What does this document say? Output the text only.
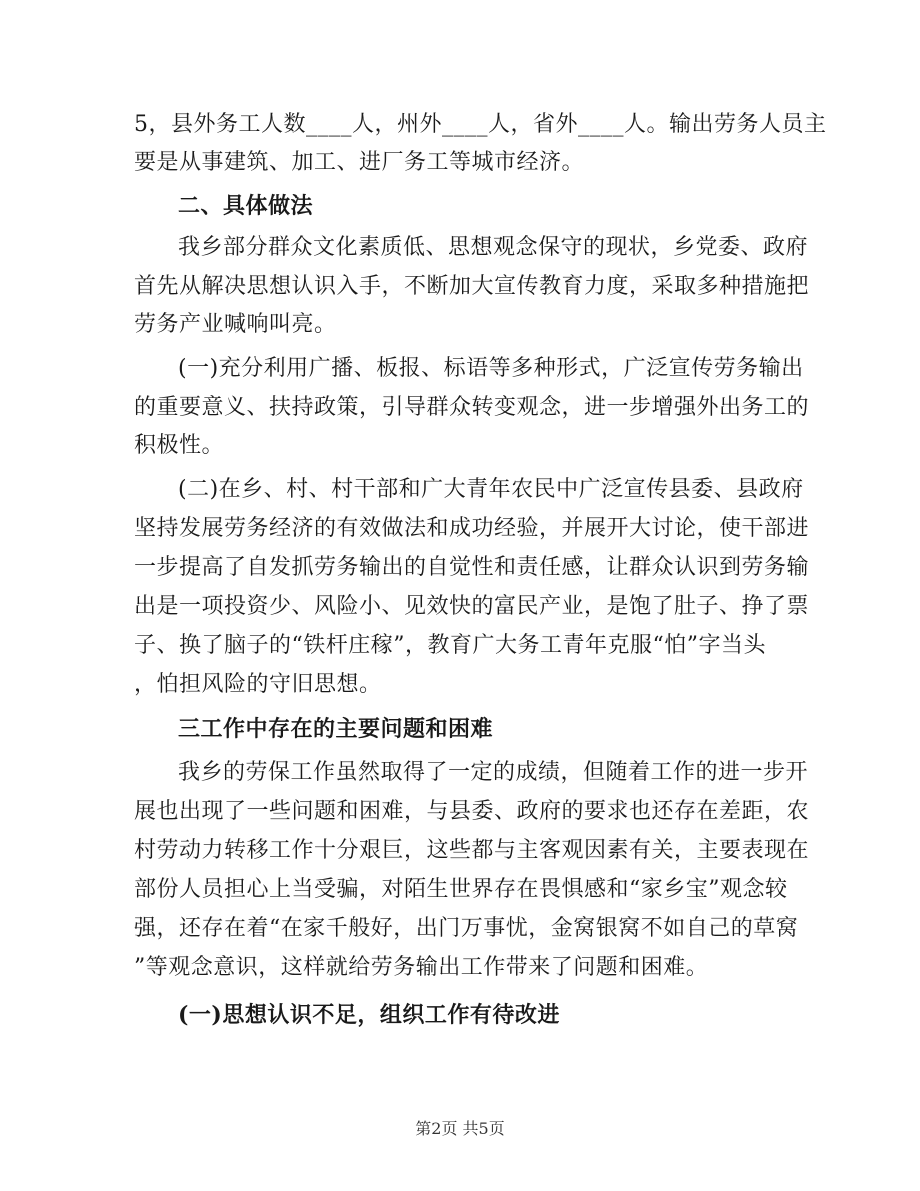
5，县外务工人数____人，州外____人，省外____人。输出劳务人员主
要是从事建筑、加工、进厂务工等城市经济。
二、具体做法
我乡部分群众文化素质低、思想观念保守的现状，乡党委、政府
首先从解决思想认识入手，不断加大宣传教育力度，采取多种措施把
劳务产业喊响叫亮。
(一)充分利用广播、板报、标语等多种形式，广泛宣传劳务输出
的重要意义、扶持政策，引导群众转变观念，进一步增强外出务工的
积极性。
(二)在乡、村、村干部和广大青年农民中广泛宣传县委、县政府
坚持发展劳务经济的有效做法和成功经验，并展开大讨论，使干部进
一步提高了自发抓劳务输出的自觉性和责任感，让群众认识到劳务输
出是一项投资少、风险小、见效快的富民产业，是饱了肚子、挣了票
子、换了脑子的“铁杆庄稼”，教育广大务工青年克服“怕”字当头
，怕担风险的守旧思想。
三工作中存在的主要问题和困难
我乡的劳保工作虽然取得了一定的成绩，但随着工作的进一步开
展也出现了一些问题和困难，与县委、政府的要求也还存在差距，农
村劳动力转移工作十分艰巨，这些都与主客观因素有关，主要表现在
部份人员担心上当受骗，对陌生世界存在畏惧感和“家乡宝”观念较
强，还存在着“在家千般好，出门万事忧，金窝银窝不如自己的草窝
”等观念意识，这样就给劳务输出工作带来了问题和困难。
(一)思想认识不足，组织工作有待改进
第2页 共5页
